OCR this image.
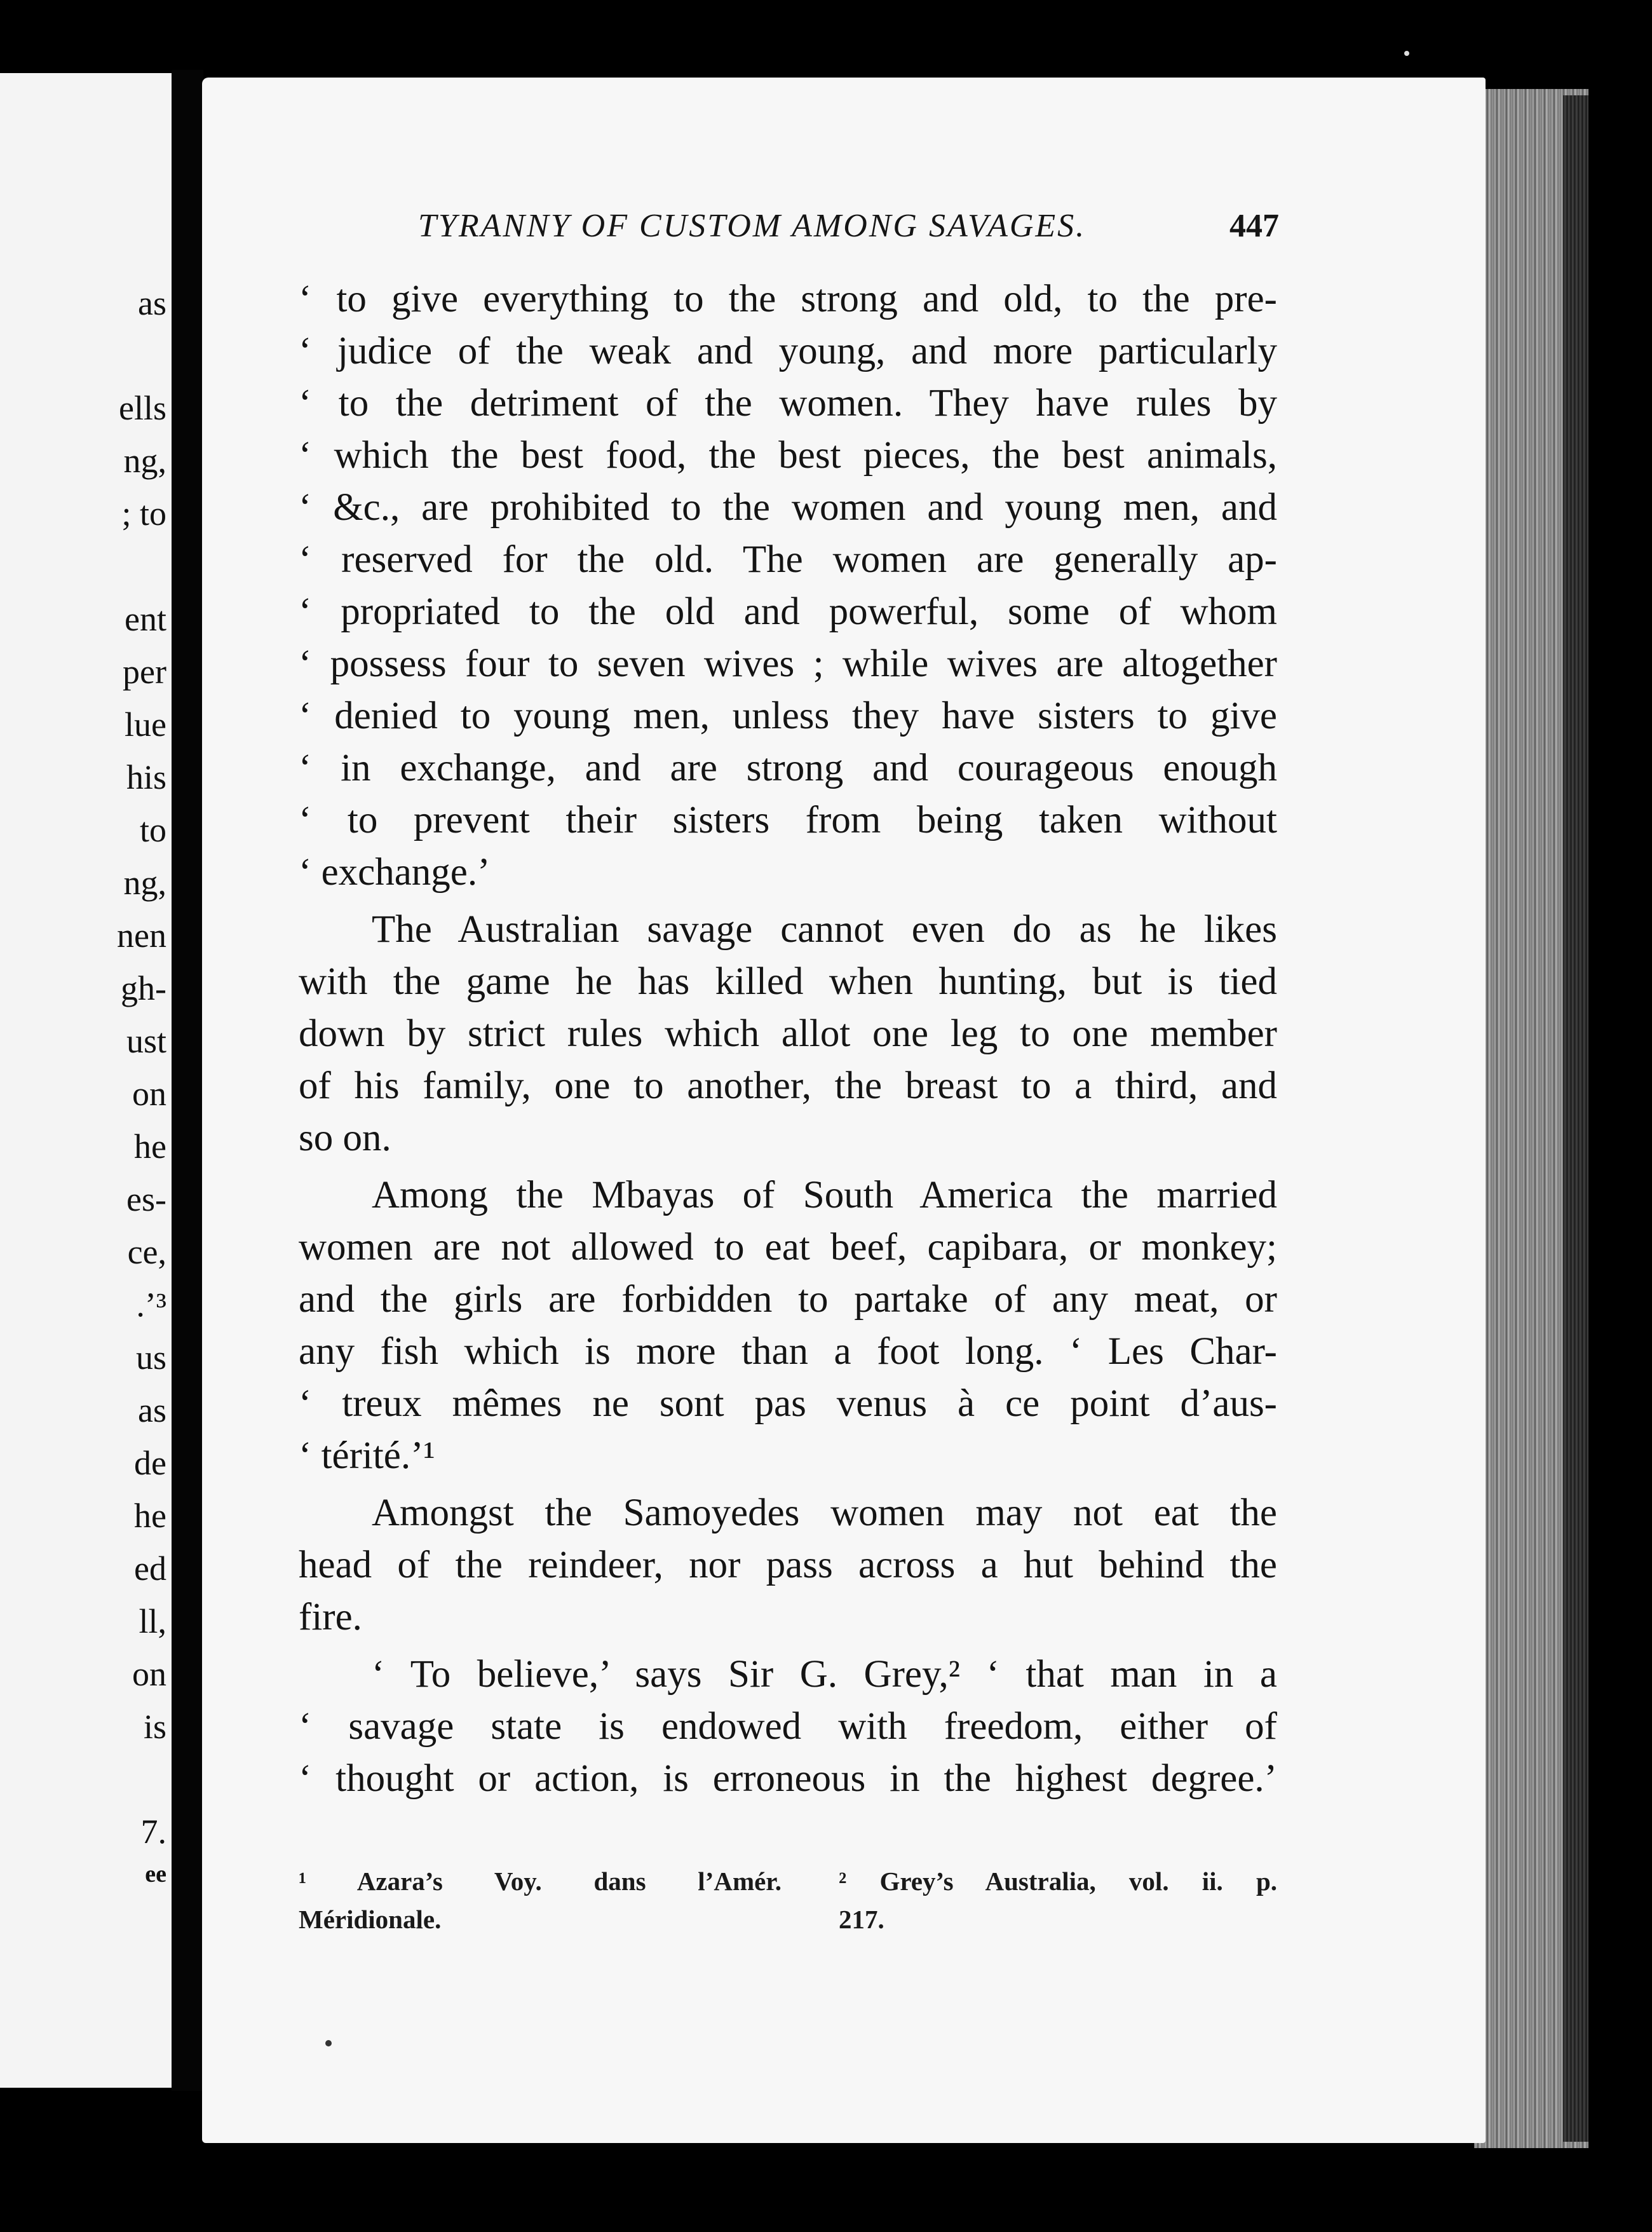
as
ells
ng,
; to
ent
per
lue
his
to
ng,
nen
gh-
ust
on
he
es-
ce,
.’³
us
as
de
he
ed
ll,
on
is
7.
ee
TYRANNY OF CUSTOM AMONG SAVAGES.	447
‘ to give everything to the strong and old, to the pre-
‘ judice of the weak and young, and more particularly
‘ to the detriment of the women. They have rules by
‘ which the best food, the best pieces, the best animals,
‘ &c., are prohibited to the women and young men, and
‘ reserved for the old. The women are generally ap-
‘ propriated to the old and powerful, some of whom
‘ possess four to seven wives ; while wives are altogether
‘ denied to young men, unless they have sisters to give
‘ in exchange, and are strong and courageous enough
‘ to prevent their sisters from being taken without
‘ exchange.’
The Australian savage cannot even do as he likes
with the game he has killed when hunting, but is tied
down by strict rules which allot one leg to one member
of his family, one to another, the breast to a third, and
so on.
Among the Mbayas of South America the married
women are not allowed to eat beef, capibara, or monkey;
and the girls are forbidden to partake of any meat, or
any fish which is more than a foot long. ‘ Les Char-
‘ treux mêmes ne sont pas venus à ce point d’aus-
‘ térité.’¹
Amongst the Samoyedes women may not eat the
head of the reindeer, nor pass across a hut behind the
fire.
‘ To believe,’ says Sir G. Grey,² ‘ that man in a
‘ savage state is endowed with freedom, either of
‘ thought or action, is erroneous in the highest degree.’
¹ Azara’s Voy. dans l’Amér.
Méridionale.
² Grey’s Australia, vol. ii. p.
217.
